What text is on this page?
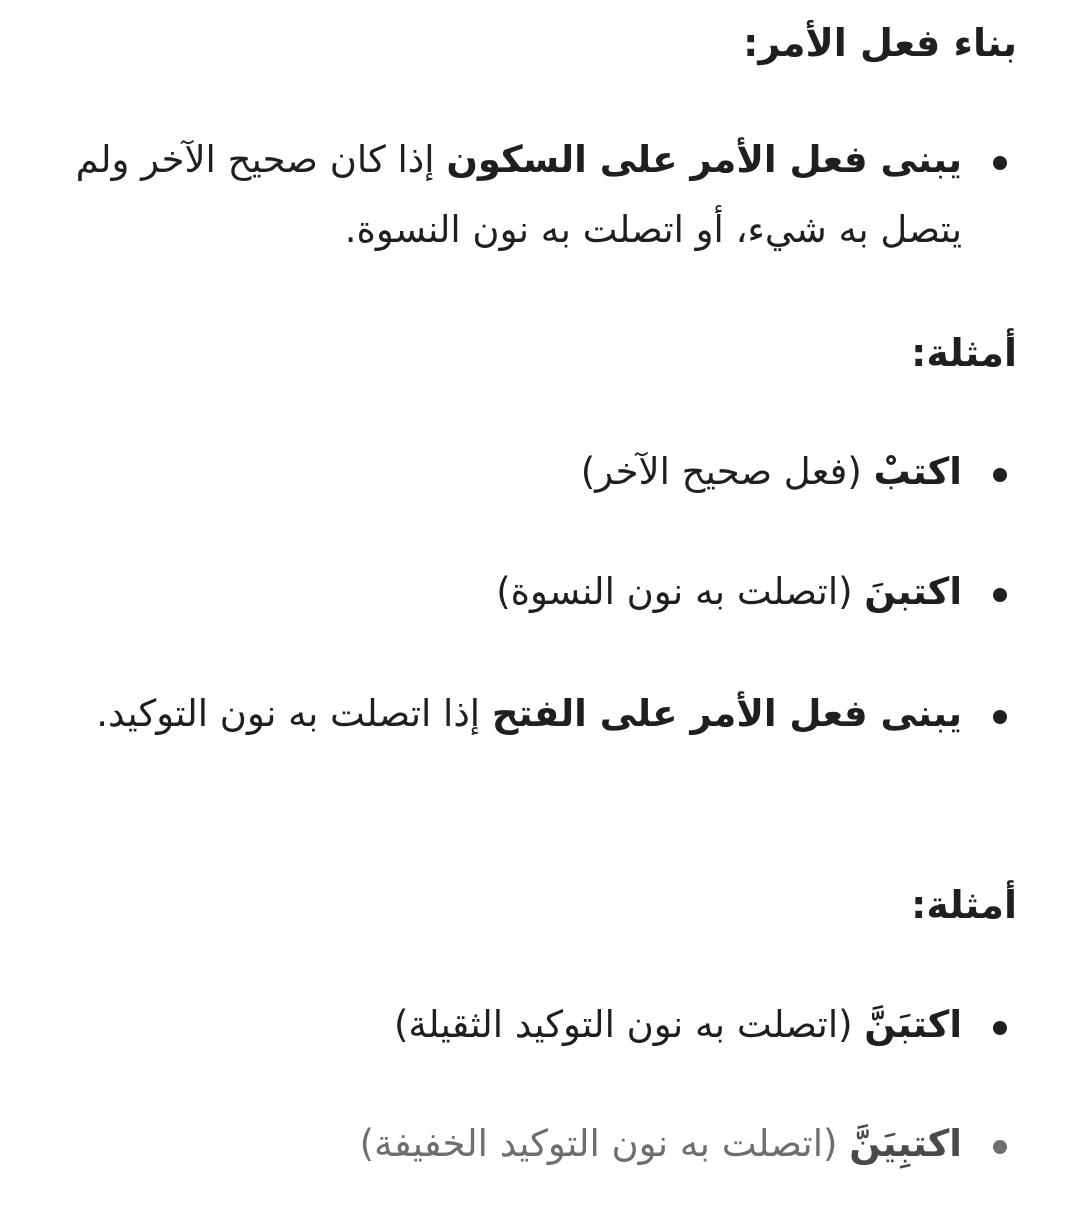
بناء فعل الأمر:

يبنى فعل الأمر على السكون إذا كان صحيح الآخر ولم يتصل به شيء، أو اتصلت به نون النسوة.

أمثلة:

اكتبْ (فعل صحيح الآخر)

اكتبنَ (اتصلت به نون النسوة)

يبنى فعل الأمر على الفتح إذا اتصلت به نون التوكيد.

أمثلة:

اكتبَنَّ (اتصلت به نون التوكيد الثقيلة)

اكتبِيَنَّ (اتصلت به نون التوكيد الخفيفة)
